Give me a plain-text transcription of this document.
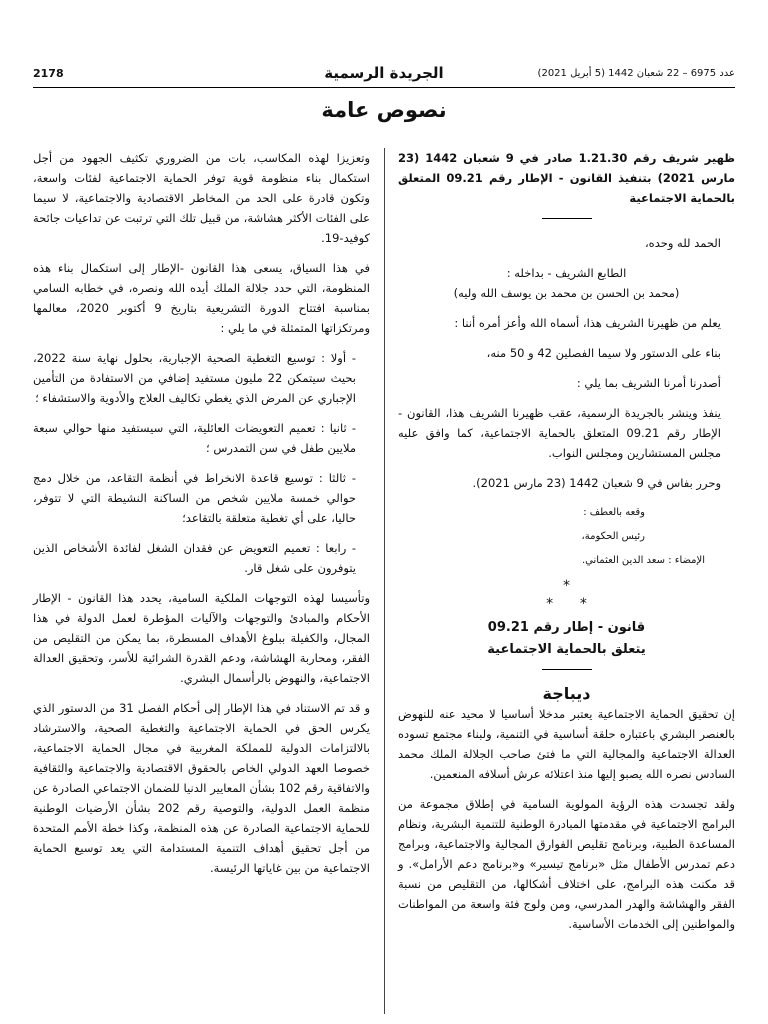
2178	الجريدة الرسمية	عدد 6975 – 22 شعبان 1442 (5 أبريل 2021)
نصوص عامة

ظهير شريف رقم 1.21.30 صادر في 9 شعبان 1442 (23 مارس 2021) بتنفيذ القانون - الإطار رقم 09.21 المتعلق بالحماية الاجتماعية

الحمد لله وحده،

الطابع الشريف - بداخله :

(محمد بن الحسن بن محمد بن يوسف الله وليه)

يعلم من ظهيرنا الشريف هذا، أسماه الله وأعز أمره أننا :

بناء على الدستور ولا سيما الفصلين 42 و 50 منه،

أصدرنا أمرنا الشريف بما يلي :

ينفذ وينشر بالجريدة الرسمية، عقب ظهيرنا الشريف هذا، القانون - الإطار رقم 09.21 المتعلق بالحماية الاجتماعية، كما وافق عليه مجلس المستشارين ومجلس النواب.

وحرر بفاس في 9 شعبان 1442 (23 مارس 2021).

وقعه بالعطف :

رئيس الحكومة،

الإمضاء : سعد الدين العثماني.

*
*      *
قانون - إطار رقم 09.21
يتعلق بالحماية الاجتماعية
ديباجة

إن تحقيق الحماية الاجتماعية يعتبر مدخلا أساسيا لا محيد عنه للنهوض بالعنصر البشري باعتباره حلقة أساسية في التنمية، ولبناء مجتمع تسوده العدالة الاجتماعية والمجالية التي ما فتئ صاحب الجلالة الملك محمد السادس نصره الله يصبو إليها منذ اعتلائه عرش أسلافه المنعمين.

ولقد تجسدت هذه الرؤية المولوية السامية في إطلاق مجموعة من البرامج الاجتماعية في مقدمتها المبادرة الوطنية للتنمية البشرية، ونظام المساعدة الطبية، وبرنامج تقليص الفوارق المجالية والاجتماعية، وبرامج دعم تمدرس الأطفال مثل «برنامج تيسير» و«برنامج دعم الأرامل». و قد مكنت هذه البرامج، على اختلاف أشكالها، من التقليص من نسبة الفقر والهشاشة والهدر المدرسي، ومن ولوج فئة واسعة من المواطنات والمواطنين إلى الخدمات الأساسية.

وتعزيزا لهذه المكاسب، بات من الضروري تكثيف الجهود من أجل استكمال بناء منظومة قوية توفر الحماية الاجتماعية لفئات واسعة، وتكون قادرة على الحد من المخاطر الاقتصادية والاجتماعية، لا سيما على الفئات الأكثر هشاشة، من قبيل تلك التي ترتبت عن تداعيات جائحة كوفيد-19.

في هذا السياق، يسعى هذا القانون -الإطار إلى استكمال بناء هذه المنظومة، التي حدد جلالة الملك أيده الله ونصره، في خطابه السامي بمناسبة افتتاح الدورة التشريعية بتاريخ 9 أكتوبر 2020، معالمها ومرتكزاتها المتمثلة في ما يلي :

- أولا : توسيع التغطية الصحية الإجبارية، بحلول نهاية سنة 2022، بحيث سيتمكن 22 مليون مستفيد إضافي من الاستفادة من التأمين الإجباري عن المرض الذي يغطي تكاليف العلاج والأدوية والاستشفاء ؛
- ثانيا : تعميم التعويضات العائلية، التي سيستفيد منها حوالي سبعة ملايين طفل في سن التمدرس ؛
- ثالثا : توسيع قاعدة الانخراط في أنظمة التقاعد، من خلال دمج حوالي خمسة ملايين شخص من الساكنة النشيطة التي لا تتوفر، حاليا، على أي تغطية متعلقة بالتقاعد؛
- رابعا : تعميم التعويض عن فقدان الشغل لفائدة الأشخاص الذين يتوفرون على شغل قار.

وتأسيسا لهذه التوجهات الملكية السامية، يحدد هذا القانون - الإطار الأحكام والمبادئ والتوجهات والآليات المؤطرة لعمل الدولة في هذا المجال، والكفيلة ببلوغ الأهداف المسطرة، بما يمكن من التقليص من الفقر، ومحاربة الهشاشة، ودعم القدرة الشرائية للأسر، وتحقيق العدالة الاجتماعية، والنهوض بالرأسمال البشري.

و قد تم الاستناد في هذا الإطار إلى أحكام الفصل 31 من الدستور الذي يكرس الحق في الحماية الاجتماعية والتغطية الصحية، والاسترشاد بالالتزامات الدولية للمملكة المغربية في مجال الحماية الاجتماعية، خصوصا العهد الدولي الخاص بالحقوق الاقتصادية والاجتماعية والثقافية والاتفاقية رقم 102 بشأن المعايير الدنيا للضمان الاجتماعي الصادرة عن منظمة العمل الدولية، والتوصية رقم 202 بشأن الأرضيات الوطنية للحماية الاجتماعية الصادرة عن هذه المنظمة، وكذا خطة الأمم المتحدة من أجل تحقيق أهداف التنمية المستدامة التي يعد توسيع الحماية الاجتماعية من بين غاياتها الرئيسة.
